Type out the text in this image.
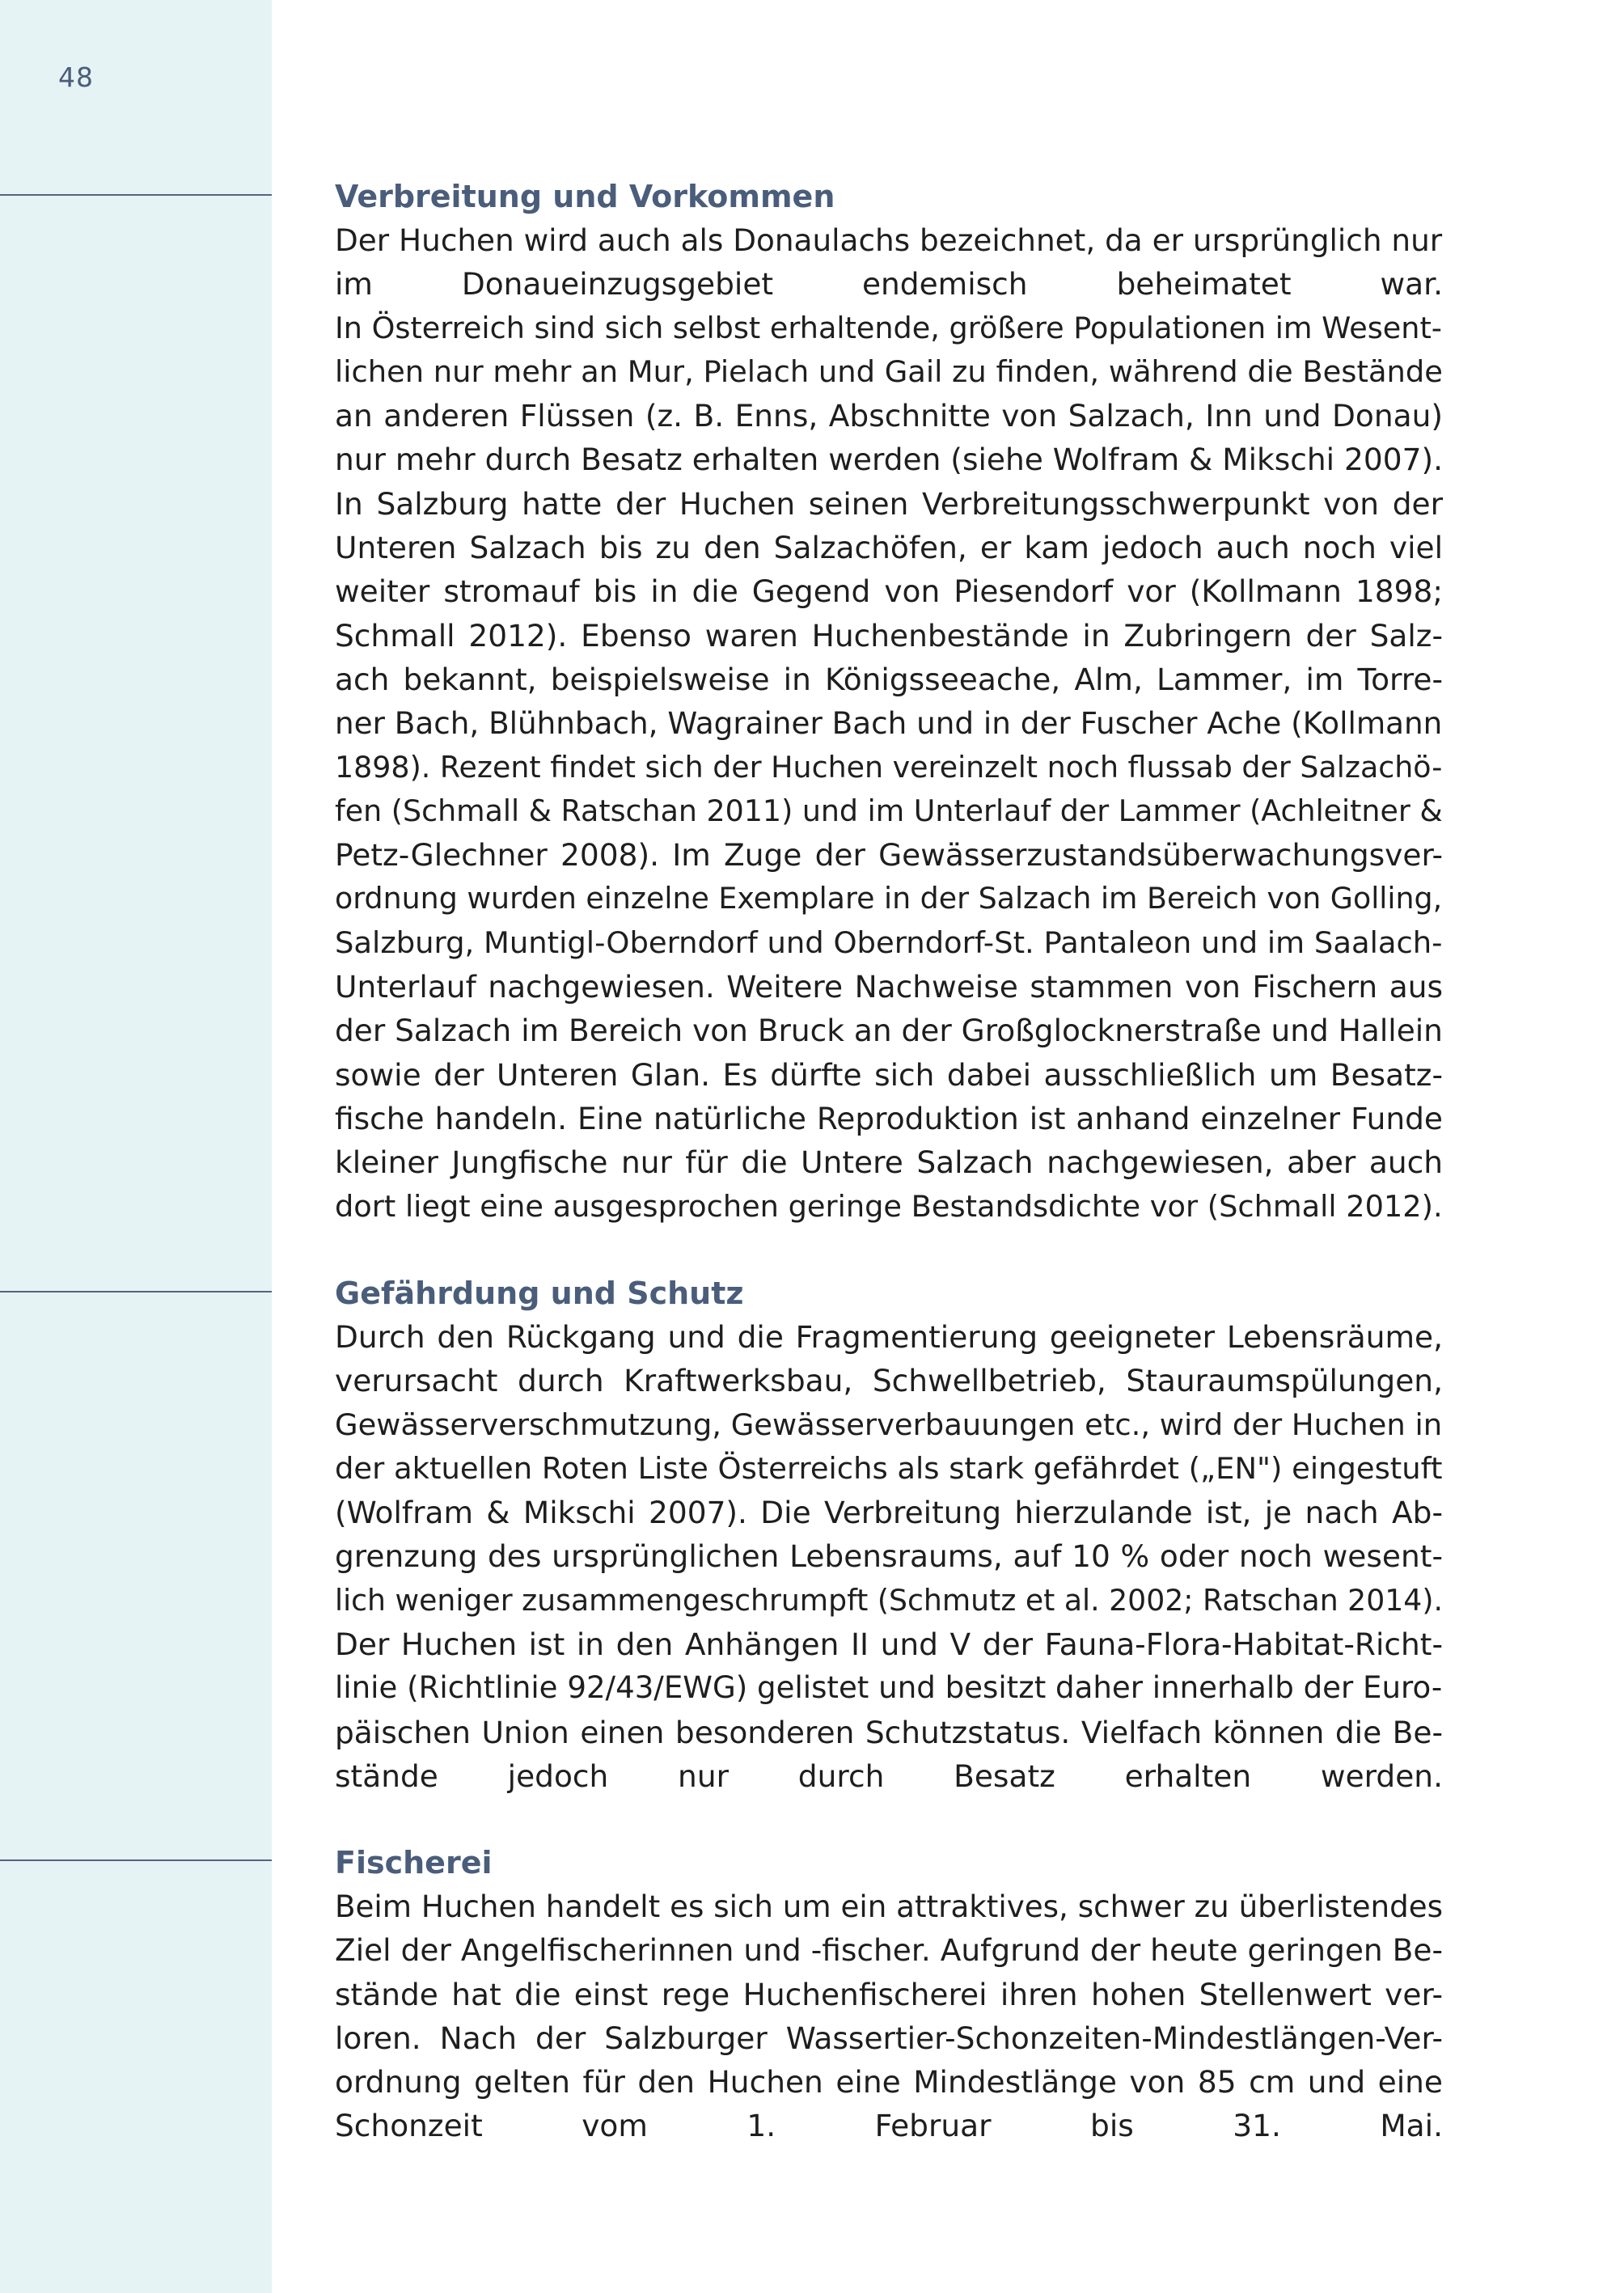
48
Verbreitung und Vorkommen
Der Huchen wird auch als Donaulachs bezeichnet, da er ursprünglich nur
im Donaueinzugsgebiet endemisch beheimatet war.
In Österreich sind sich selbst erhaltende, größere Populationen im Wesent-
lichen nur mehr an Mur, Pielach und Gail zu finden, während die Bestände
an anderen Flüssen (z. B. Enns, Abschnitte von Salzach, Inn und Donau)
nur mehr durch Besatz erhalten werden (siehe Wolfram & Mikschi 2007).
In Salzburg hatte der Huchen seinen Verbreitungsschwerpunkt von der
Unteren Salzach bis zu den Salzachöfen, er kam jedoch auch noch viel
weiter stromauf bis in die Gegend von Piesendorf vor (Kollmann 1898;
Schmall 2012). Ebenso waren Huchenbestände in Zubringern der Salz-
ach bekannt, beispielsweise in Königsseeache, Alm, Lammer, im Torre-
ner Bach, Blühnbach, Wagrainer Bach und in der Fuscher Ache (Kollmann
1898). Rezent findet sich der Huchen vereinzelt noch flussab der Salzachö-
fen (Schmall & Ratschan 2011) und im Unterlauf der Lammer (Achleitner &
Petz-Glechner 2008). Im Zuge der Gewässerzustandsüberwachungsver-
ordnung wurden einzelne Exemplare in der Salzach im Bereich von Golling,
Salzburg, Muntigl-Oberndorf und Oberndorf-St. Pantaleon und im Saalach-
Unterlauf nachgewiesen. Weitere Nachweise stammen von Fischern aus
der Salzach im Bereich von Bruck an der Großglocknerstraße und Hallein
sowie der Unteren Glan. Es dürfte sich dabei ausschließlich um Besatz-
fische handeln. Eine natürliche Reproduktion ist anhand einzelner Funde
kleiner Jungfische nur für die Untere Salzach nachgewiesen, aber auch
dort liegt eine ausgesprochen geringe Bestandsdichte vor (Schmall 2012).
Gefährdung und Schutz
Durch den Rückgang und die Fragmentierung geeigneter Lebensräume,
verursacht durch Kraftwerksbau, Schwellbetrieb, Stauraumspülungen,
Gewässerverschmutzung, Gewässerverbauungen etc., wird der Huchen in
der aktuellen Roten Liste Österreichs als stark gefährdet („EN") eingestuft
(Wolfram & Mikschi 2007). Die Verbreitung hierzulande ist, je nach Ab-
grenzung des ursprünglichen Lebensraums, auf 10 % oder noch wesent-
lich weniger zusammengeschrumpft (Schmutz et al. 2002; Ratschan 2014).
Der Huchen ist in den Anhängen II und V der Fauna-Flora-Habitat-Richt-
linie (Richtlinie 92/43/EWG) gelistet und besitzt daher innerhalb der Euro-
päischen Union einen besonderen Schutzstatus. Vielfach können die Be-
stände jedoch nur durch Besatz erhalten werden.
Fischerei
Beim Huchen handelt es sich um ein attraktives, schwer zu überlistendes
Ziel der Angelfischerinnen und -fischer. Aufgrund der heute geringen Be-
stände hat die einst rege Huchenfischerei ihren hohen Stellenwert ver-
loren. Nach der Salzburger Wassertier-Schonzeiten-Mindestlängen-Ver-
ordnung gelten für den Huchen eine Mindestlänge von 85 cm und eine
Schonzeit vom 1. Februar bis 31. Mai.
